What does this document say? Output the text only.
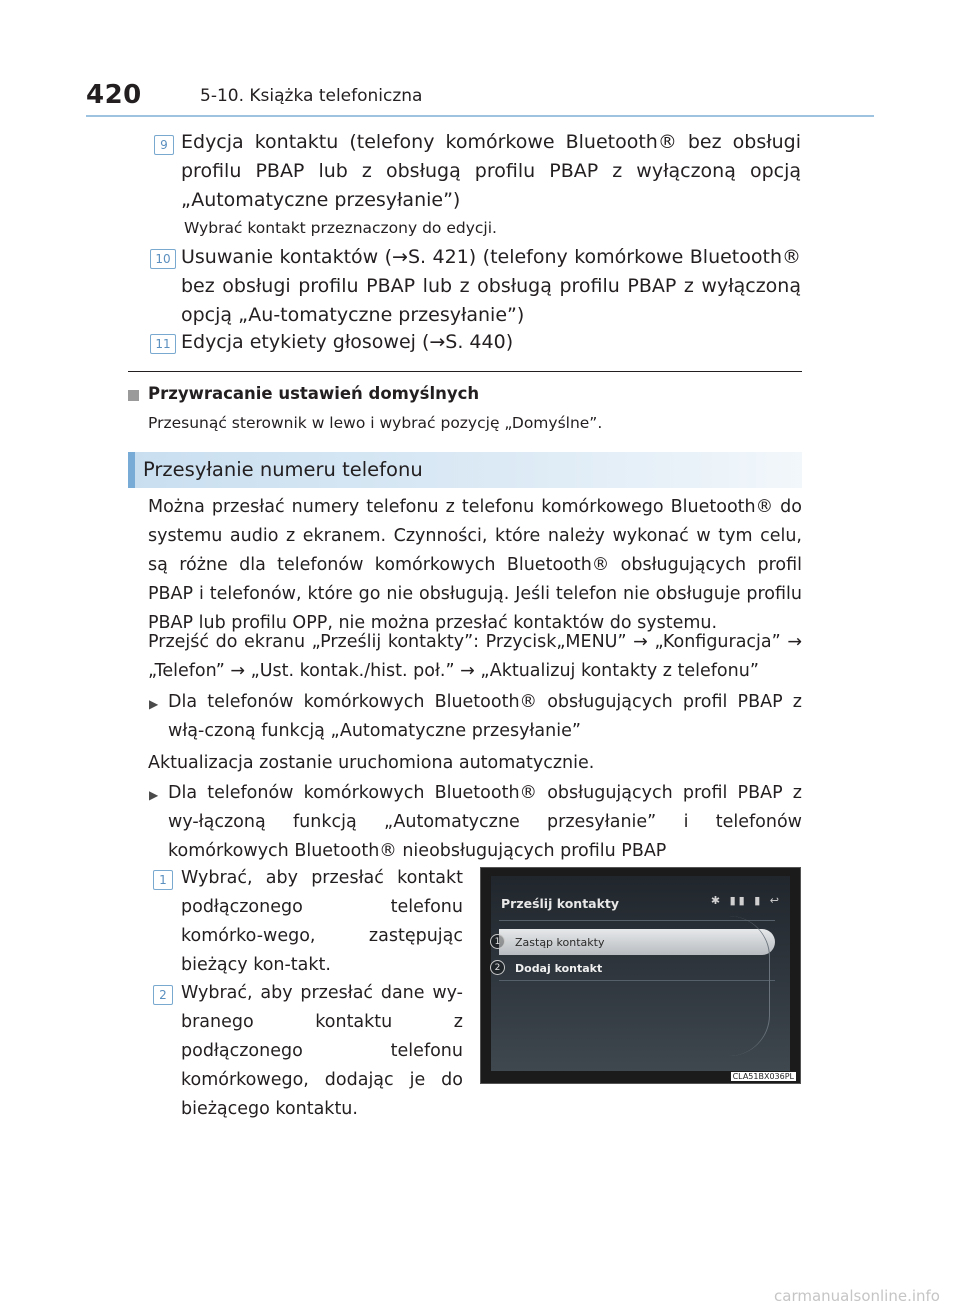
420	5-10. Książka telefoniczna
9 Edycja kontaktu (telefony komórkowe Bluetooth® bez obsługi profilu PBAP lub z obsługą profilu PBAP z wyłączoną opcją „Automatyczne przesyłanie”)
Wybrać kontakt przeznaczony do edycji.
10 Usuwanie kontaktów (→S. 421) (telefony komórkowe Bluetooth® bez obsługi profilu PBAP lub z obsługą profilu PBAP z wyłączoną opcją „Au-tomatyczne przesyłanie”)
11 Edycja etykiety głosowej (→S. 440)
Przywracanie ustawień domyślnych
Przesunąć sterownik w lewo i wybrać pozycję „Domyślne”.
Przesyłanie numeru telefonu
Można przesłać numery telefonu z telefonu komórkowego Bluetooth® do systemu audio z ekranem. Czynności, które należy wykonać w tym celu, są różne dla telefonów komórkowych Bluetooth® obsługujących profil PBAP i telefonów, które go nie obsługują. Jeśli telefon nie obsługuje profilu PBAP lub profilu OPP, nie można przesłać kontaktów do systemu.
Przejść do ekranu „Prześlij kontakty”: Przycisk„MENU” → „Konfiguracja” → „Telefon” → „Ust. kontak./hist. poł.” → „Aktualizuj kontakty z telefonu”
▶ Dla telefonów komórkowych Bluetooth® obsługujących profil PBAP z włą-czoną funkcją „Automatyczne przesyłanie”
Aktualizacja zostanie uruchomiona automatycznie.
▶ Dla telefonów komórkowych Bluetooth® obsługujących profil PBAP z wy-łączoną funkcją „Automatyczne przesyłanie” i telefonów komórkowych Bluetooth® nieobsługujących profilu PBAP
1 Wybrać, aby przesłać kontakt podłączonego telefonu komórko-wego, zastępując bieżący kon-takt.
2 Wybrać, aby przesłać dane wy-branego kontaktu z podłączonego telefonu komórkowego, dodając je do bieżącego kontaktu.
Prześlij kontakty	✱ ▮▮ ▮ ↩
Zastąp kontakty
Dodaj kontakt
1
2
CLA51BX036PL
carmanualsonline.info
